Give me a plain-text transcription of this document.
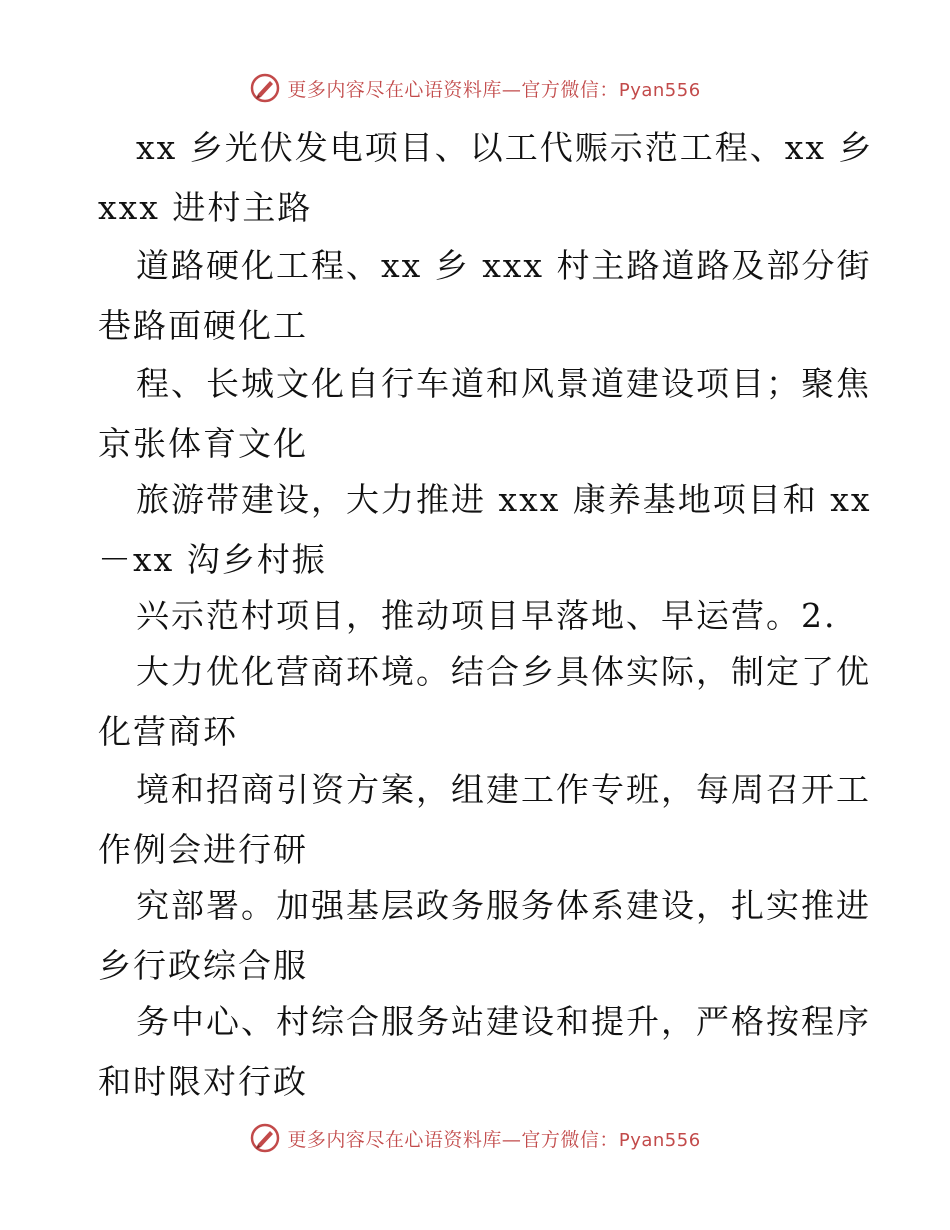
更多内容尽在心语资料库—官方微信：Pyan556
xx 乡光伏发电项目、以工代赈示范工程、xx 乡
xxx 进村主路
道路硬化工程、xx 乡 xxx 村主路道路及部分街
巷路面硬化工
程、长城文化自行车道和风景道建设项目；聚焦
京张体育文化
旅游带建设，大力推进 xxx 康养基地项目和 xx
－xx 沟乡村振
兴示范村项目，推动项目早落地、早运营。2.
大力优化营商环境。结合乡具体实际，制定了优
化营商环
境和招商引资方案，组建工作专班，每周召开工
作例会进行研
究部署。加强基层政务服务体系建设，扎实推进
乡行政综合服
务中心、村综合服务站建设和提升，严格按程序
和时限对行政
更多内容尽在心语资料库—官方微信：Pyan556
